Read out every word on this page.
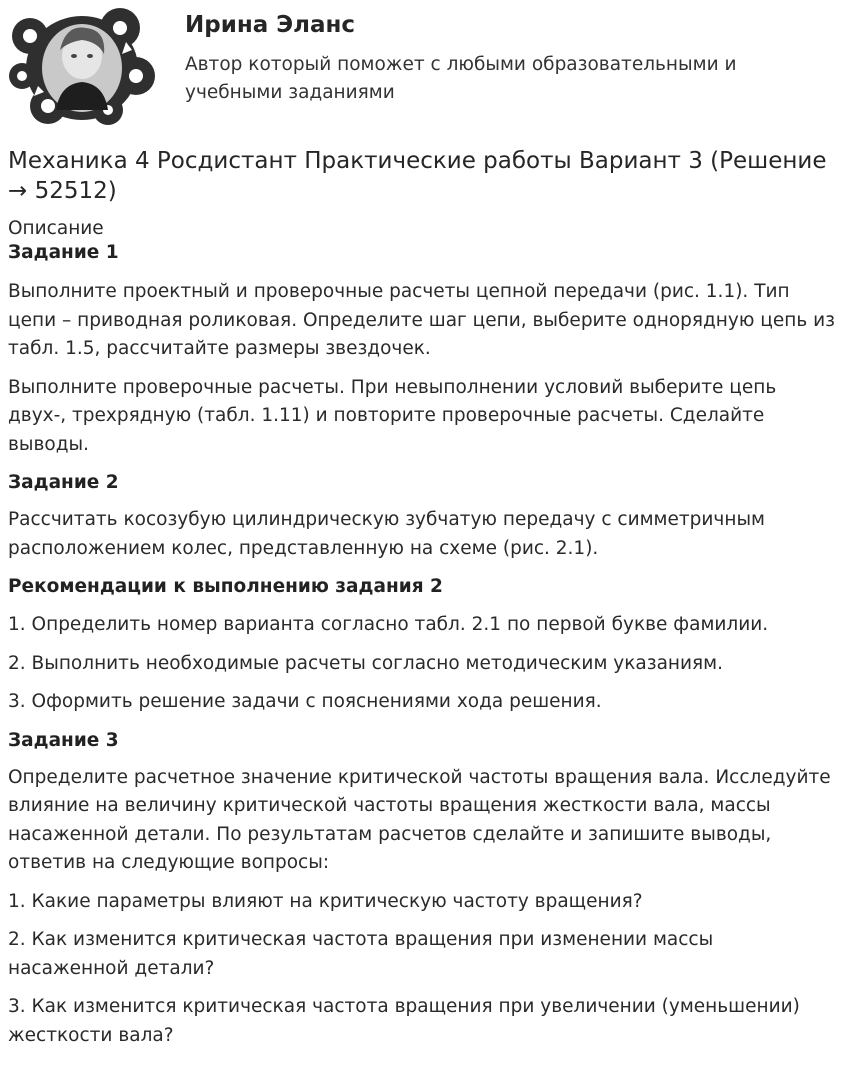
Ирина Эланс

Автор который поможет с любыми образовательными и учебными заданиями

Механика 4 Росдистант Практические работы Вариант 3 (Решение → 52512)
Описание
Задание 1

Выполните проектный и проверочные расчеты цепной передачи (рис. 1.1). Тип цепи – приводная роликовая. Определите шаг цепи, выберите однорядную цепь из табл. 1.5, рассчитайте размеры звездочек.

Выполните проверочные расчеты. При невыполнении условий выберите цепь двух-, трехрядную (табл. 1.11) и повторите проверочные расчеты. Сделайте выводы.

Задание 2

Рассчитать косозубую цилиндрическую зубчатую передачу с симметричным расположением колес, представленную на схеме (рис. 2.1).

Рекомендации к выполнению задания 2

1. Определить номер варианта согласно табл. 2.1 по первой букве фамилии.

2. Выполнить необходимые расчеты согласно методическим указаниям.

3. Оформить решение задачи с пояснениями хода решения.

Задание 3

Определите расчетное значение критической частоты вращения вала. Исследуйте влияние на величину критической частоты вращения жесткости вала, массы насаженной детали. По результатам расчетов сделайте и запишите выводы, ответив на следующие вопросы:

1. Какие параметры влияют на критическую частоту вращения?

2. Как изменится критическая частота вращения при изменении массы насаженной детали?

3. Как изменится критическая частота вращения при увеличении (уменьшении) жесткости вала?
